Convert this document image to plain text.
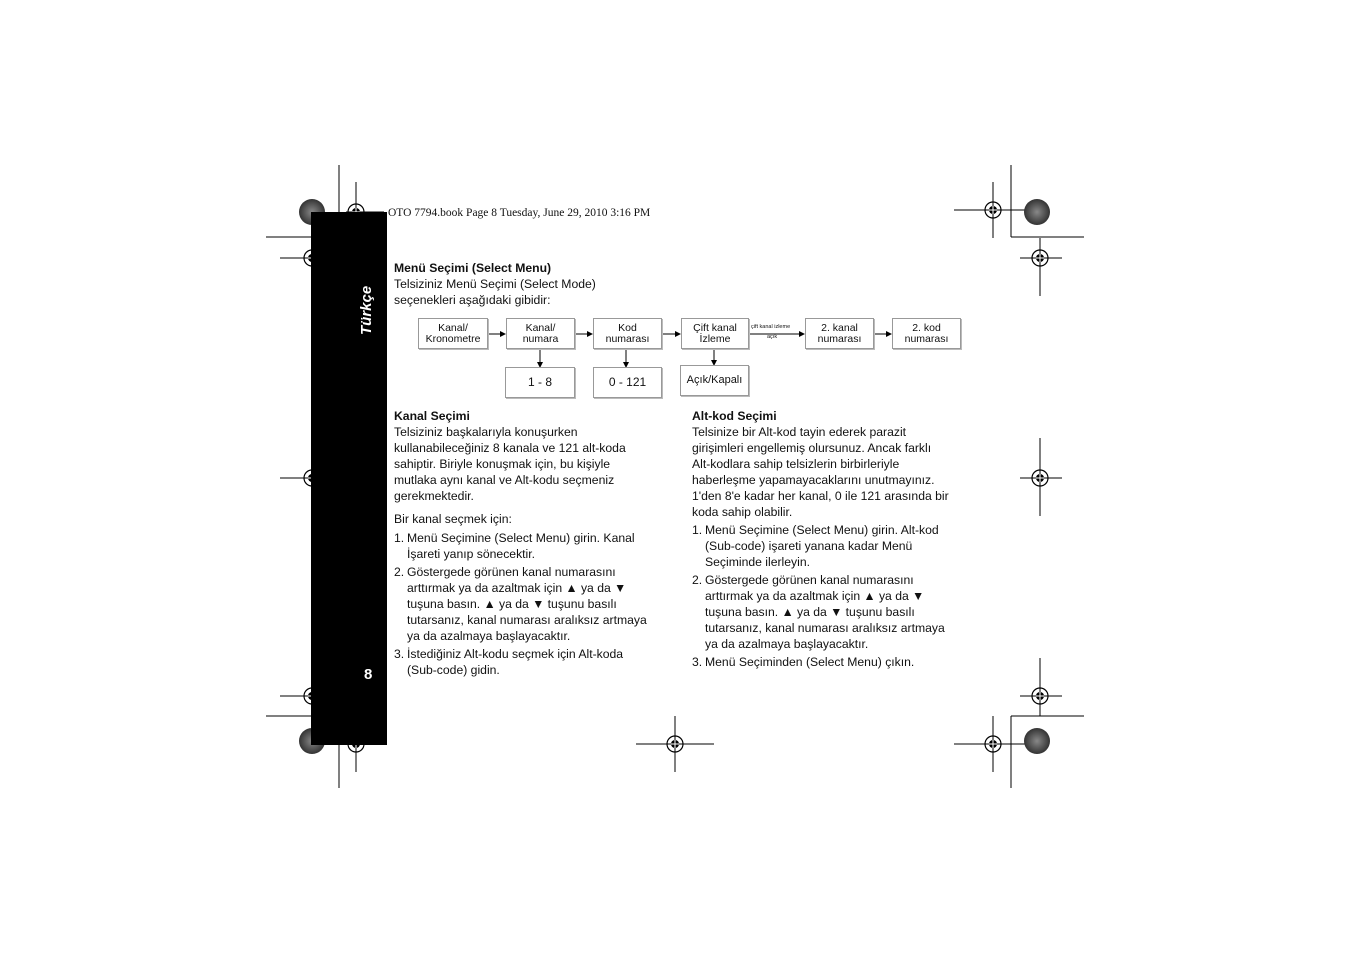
Türkçe
8
OTO 7794.book Page 8 Tuesday, June 29, 2010 3:16 PM
Menü Seçimi (Select Menu)
Telsiziniz Menü Seçimi (Select Mode)
seçenekleri aşağıdaki gibidir:
Kanal/
Kronometre
Kanal/
numara
Kod
numarası
Çift kanal
İzleme
2. kanal
numarası
2. kod
numarası
çift kanal izleme
açık
1 - 8	0 - 121	Açık/Kapalı
Kanal Seçimi
Telsiziniz başkalarıyla konuşurken
kullanabileceğiniz 8 kanala ve 121 alt-koda
sahiptir. Biriyle konuşmak için, bu kişiyle
mutlaka aynı kanal ve Alt-kodu seçmeniz
gerekmektedir.
Bir kanal seçmek için:
1. Menü Seçimine (Select Menu) girin. Kanal
İşareti yanıp sönecektir.
2. Göstergede görünen kanal numarasını
arttırmak ya da azaltmak için ▲ ya da ▼
tuşuna basın. ▲ ya da ▼ tuşunu basılı
tutarsanız, kanal numarası aralıksız artmaya
ya da azalmaya başlayacaktır.
3. İstediğiniz Alt-kodu seçmek için Alt-koda
(Sub-code) gidin.
Alt-kod Seçimi
Telsinize bir Alt-kod tayin ederek parazit
girişimleri engellemiş olursunuz. Ancak farklı
Alt-kodlara sahip telsizlerin birbirleriyle
haberleşme yapamayacaklarını unutmayınız.
1'den 8'e kadar her kanal, 0 ile 121 arasında bir
koda sahip olabilir.
1. Menü Seçimine (Select Menu) girin. Alt-kod
(Sub-code) işareti yanana kadar Menü
Seçiminde ilerleyin.
2. Göstergede görünen kanal numarasını
arttırmak ya da azaltmak için ▲ ya da ▼
tuşuna basın. ▲ ya da ▼ tuşunu basılı
tutarsanız, kanal numarası aralıksız artmaya
ya da azalmaya başlayacaktır.
3. Menü Seçiminden (Select Menu) çıkın.
